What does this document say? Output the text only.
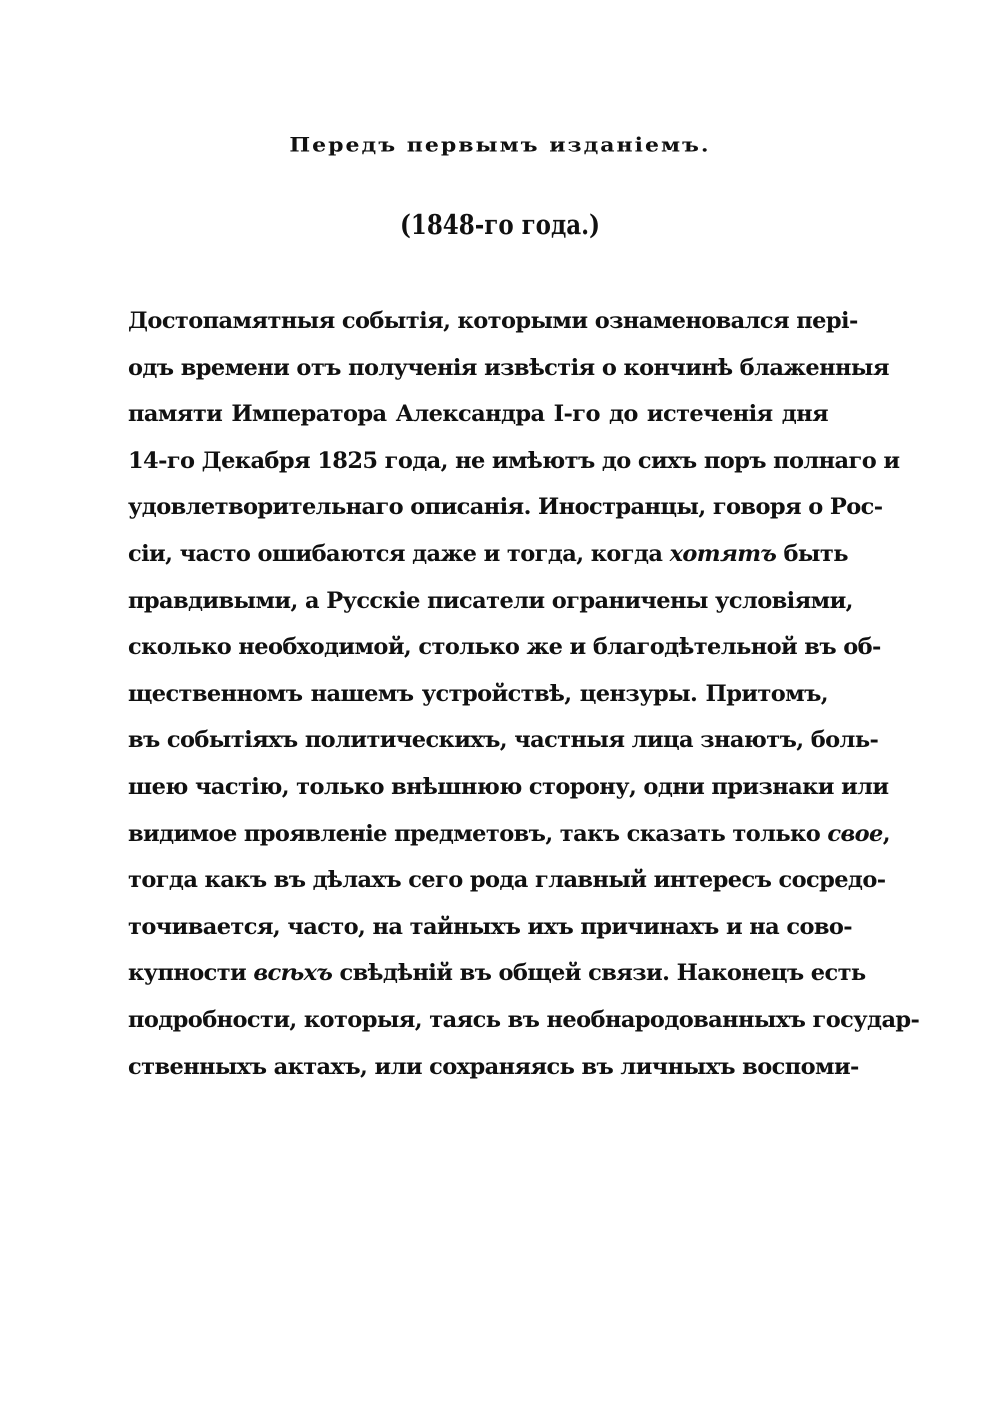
Передъ первымъ изданіемъ.
(1848-го года.)
Достопамятныя событія, которыми ознаменовался пері-
одъ времени отъ полученія извѣстія о кончинѣ блаженныя
памяти Императора Александра I-го до истеченія дня
14-го Декабря 1825 года, не имѣютъ до сихъ поръ полнаго и
удовлетворительнаго описанія. Иностранцы, говоря о Рос-
сіи, часто ошибаются даже и тогда, когда хотятъ быть
правдивыми, а Русскіе писатели ограничены условіями,
сколько необходимой, столько же и благодѣтельной въ об-
щественномъ нашемъ устройствѣ, цензуры. Притомъ,
въ событіяхъ политическихъ, частныя лица знаютъ, боль-
шею частію, только внѣшнюю сторону, одни признаки или
видимое проявленіе предметовъ, такъ сказать только свое,
тогда какъ въ дѣлахъ сего рода главный интересъ сосредо-
точивается, часто, на тайныхъ ихъ причинахъ и на сово-
купности всѣхъ свѣдѣній въ общей связи. Наконецъ есть
подробности, которыя, таясь въ необнародованныхъ государ-
ственныхъ актахъ, или сохраняясь въ личныхъ воспоми-
